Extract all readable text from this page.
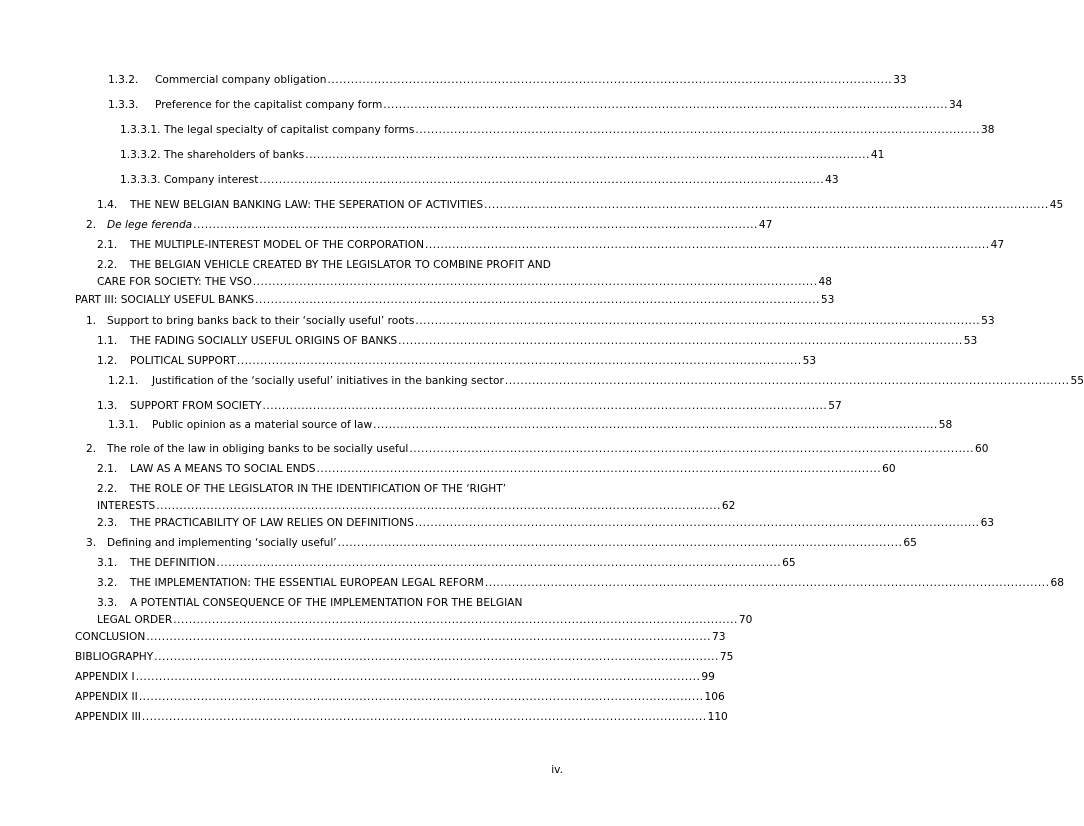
1.3.2.	Commercial company obligation .................................................................................................................................................. 33
1.3.3.	Preference for the capitalist company form .................................................................................................................................................. 34
1.3.3.1. The legal specialty of capitalist company forms .................................................................................................................................................. 38
1.3.3.2. The shareholders of banks .................................................................................................................................................. 41
1.3.3.3. Company interest .................................................................................................................................................. 43
1.4.	THE NEW BELGIAN BANKING LAW: THE SEPERATION OF ACTIVITIES .................................................................................................................................................. 45
2.	De lege ferenda .................................................................................................................................................. 47
2.1.	THE MULTIPLE-INTEREST MODEL OF THE CORPORATION .................................................................................................................................................. 47
2.2.	THE BELGIAN VEHICLE CREATED BY THE LEGISLATOR TO COMBINE PROFIT AND
CARE FOR SOCIETY: THE VSO .................................................................................................................................................. 48
PART III: SOCIALLY USEFUL BANKS .................................................................................................................................................. 53
1.	Support to bring banks back to their ‘socially useful’ roots .................................................................................................................................................. 53
1.1.	THE FADING SOCIALLY USEFUL ORIGINS OF BANKS .................................................................................................................................................. 53
1.2.	POLITICAL SUPPORT .................................................................................................................................................. 53
1.2.1.	Justification of the ‘socially useful’ initiatives in the banking sector .................................................................................................................................................. 55
1.3.	SUPPORT FROM SOCIETY .................................................................................................................................................. 57
1.3.1.	Public opinion as a material source of law .................................................................................................................................................. 58
2.	The role of the law in obliging banks to be socially useful .................................................................................................................................................. 60
2.1.	LAW AS A MEANS TO SOCIAL ENDS .................................................................................................................................................. 60
2.2.	THE ROLE OF THE LEGISLATOR IN THE IDENTIFICATION OF THE ‘RIGHT’
INTERESTS .................................................................................................................................................. 62
2.3.	THE PRACTICABILITY OF LAW RELIES ON DEFINITIONS .................................................................................................................................................. 63
3.	Defining and implementing ‘socially useful’ .................................................................................................................................................. 65
3.1.	THE DEFINITION .................................................................................................................................................. 65
3.2.	THE IMPLEMENTATION: THE ESSENTIAL EUROPEAN LEGAL REFORM .................................................................................................................................................. 68
3.3.	A POTENTIAL CONSEQUENCE OF THE IMPLEMENTATION FOR THE BELGIAN
LEGAL ORDER .................................................................................................................................................. 70
CONCLUSION .................................................................................................................................................. 73
BIBLIOGRAPHY .................................................................................................................................................. 75
APPENDIX I .................................................................................................................................................. 99
APPENDIX II .................................................................................................................................................. 106
APPENDIX III .................................................................................................................................................. 110
iv.
